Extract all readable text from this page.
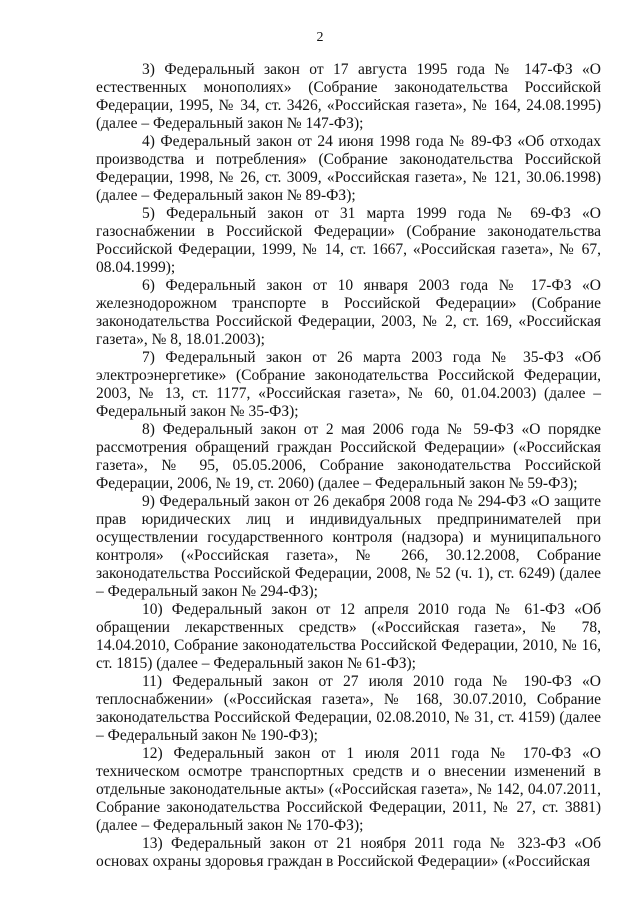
2

3) Федеральный закон от 17 августа 1995 года № 147-ФЗ «О естественных монополиях» (Собрание законодательства Российской Федерации, 1995, № 34, ст. 3426, «Российская газета», № 164, 24.08.1995) (далее – Федеральный закон № 147-ФЗ);

4) Федеральный закон от 24 июня 1998 года № 89-ФЗ «Об отходах производства и потребления» (Собрание законодательства Российской Федерации, 1998, № 26, ст. 3009, «Российская газета», № 121, 30.06.1998) (далее – Федеральный закон № 89-ФЗ);

5) Федеральный закон от 31 марта 1999 года № 69-ФЗ «О газоснабжении в Российской Федерации» (Собрание законодательства Российской Федерации, 1999, № 14, ст. 1667, «Российская газета», № 67, 08.04.1999);

6) Федеральный закон от 10 января 2003 года № 17-ФЗ «О железнодорожном транспорте в Российской Федерации» (Собрание законодательства Российской Федерации, 2003, № 2, ст. 169, «Российская газета», № 8, 18.01.2003);

7) Федеральный закон от 26 марта 2003 года № 35-ФЗ «Об электроэнергетике» (Собрание законодательства Российской Федерации, 2003, № 13, ст. 1177, «Российская газета», № 60, 01.04.2003) (далее – Федеральный закон № 35-ФЗ);

8) Федеральный закон от 2 мая 2006 года № 59-ФЗ «О порядке рассмотрения обращений граждан Российской Федерации» («Российская газета», № 95, 05.05.2006, Собрание законодательства Российской Федерации, 2006, № 19, ст. 2060) (далее – Федеральный закон № 59-ФЗ);

9) Федеральный закон от 26 декабря 2008 года № 294-ФЗ «О защите прав юридических лиц и индивидуальных предпринимателей при осуществлении государственного контроля (надзора) и муниципального контроля» («Российская газета», № 266, 30.12.2008, Собрание законодательства Российской Федерации, 2008, № 52 (ч. 1), ст. 6249) (далее – Федеральный закон № 294-ФЗ);

10) Федеральный закон от 12 апреля 2010 года № 61-ФЗ «Об обращении лекарственных средств» («Российская газета», № 78, 14.04.2010, Собрание законодательства Российской Федерации, 2010, № 16, ст. 1815) (далее – Федеральный закон № 61-ФЗ);

11) Федеральный закон от 27 июля 2010 года № 190-ФЗ «О теплоснабжении» («Российская газета», № 168, 30.07.2010, Собрание законодательства Российской Федерации, 02.08.2010, № 31, ст. 4159) (далее – Федеральный закон № 190-ФЗ);

12) Федеральный закон от 1 июля 2011 года № 170-ФЗ «О техническом осмотре транспортных средств и о внесении изменений в отдельные законодательные акты» («Российская газета», № 142, 04.07.2011, Собрание законодательства Российской Федерации, 2011, № 27, ст. 3881) (далее – Федеральный закон № 170-ФЗ);

13) Федеральный закон от 21 ноября 2011 года № 323-ФЗ «Об основах охраны здоровья граждан в Российской Федерации» («Российская
